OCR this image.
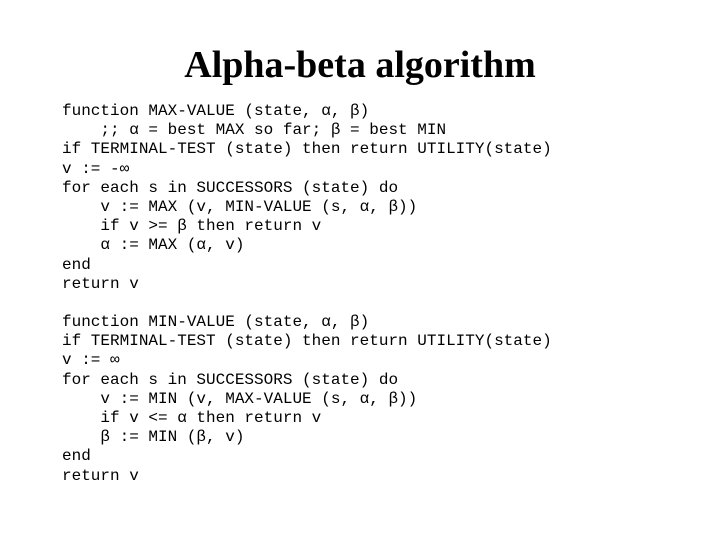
Alpha-beta algorithm
function MAX-VALUE (state, α, β)
;; α = best MAX so far; β = best MIN
if TERMINAL-TEST (state) then return UTILITY(state)
v := -∞
for each s in SUCCESSORS (state) do
v := MAX (v, MIN-VALUE (s, α, β))
if v >= β then return v
α := MAX (α, v)
end
return v
function MIN-VALUE (state, α, β)
if TERMINAL-TEST (state) then return UTILITY(state)
v := ∞
for each s in SUCCESSORS (state) do
v := MIN (v, MAX-VALUE (s, α, β))
if v <= α then return v
β := MIN (β, v)
end
return v
